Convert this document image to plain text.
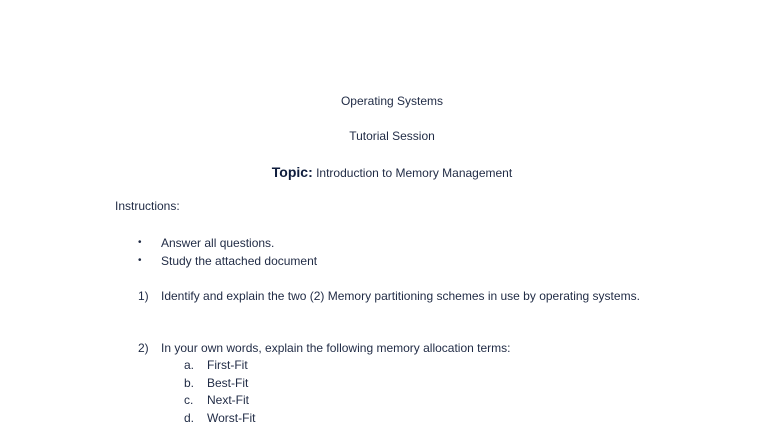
Operating Systems
Tutorial Session
Topic: Introduction to Memory Management
Instructions:
• Answer all questions.
• Study the attached document
1) Identify and explain the two (2) Memory partitioning schemes in use by operating systems.
2) In your own words, explain the following memory allocation terms:
a. First-Fit
b. Best-Fit
c. Next-Fit
d. Worst-Fit
